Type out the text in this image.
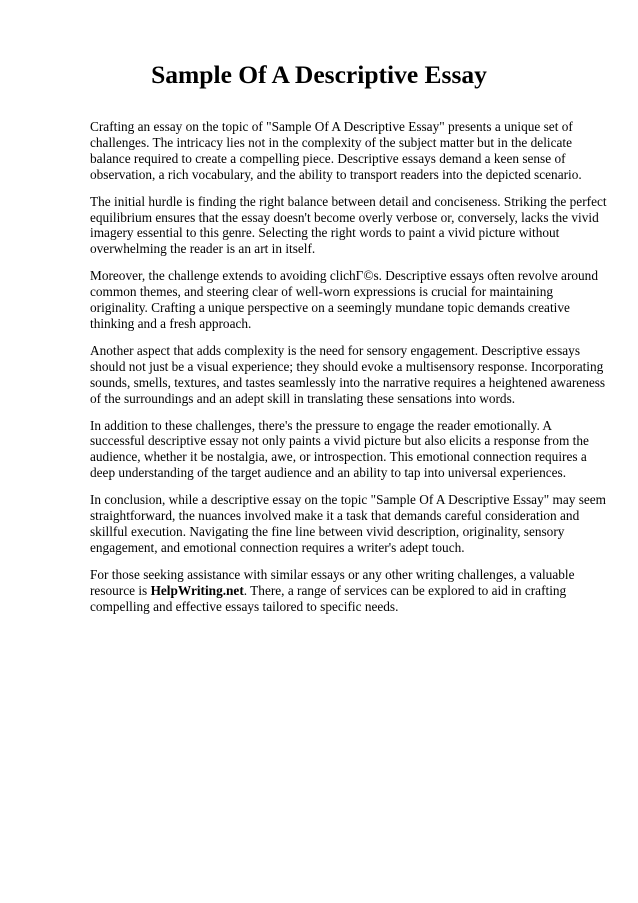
Sample Of A Descriptive Essay

Crafting an essay on the topic of "Sample Of A Descriptive Essay" presents a unique set of
challenges. The intricacy lies not in the complexity of the subject matter but in the delicate
balance required to create a compelling piece. Descriptive essays demand a keen sense of
observation, a rich vocabulary, and the ability to transport readers into the depicted scenario.

The initial hurdle is finding the right balance between detail and conciseness. Striking the perfect
equilibrium ensures that the essay doesn't become overly verbose or, conversely, lacks the vivid
imagery essential to this genre. Selecting the right words to paint a vivid picture without
overwhelming the reader is an art in itself.

Moreover, the challenge extends to avoiding clichГ©s. Descriptive essays often revolve around
common themes, and steering clear of well-worn expressions is crucial for maintaining
originality. Crafting a unique perspective on a seemingly mundane topic demands creative
thinking and a fresh approach.

Another aspect that adds complexity is the need for sensory engagement. Descriptive essays
should not just be a visual experience; they should evoke a multisensory response. Incorporating
sounds, smells, textures, and tastes seamlessly into the narrative requires a heightened awareness
of the surroundings and an adept skill in translating these sensations into words.

In addition to these challenges, there's the pressure to engage the reader emotionally. A
successful descriptive essay not only paints a vivid picture but also elicits a response from the
audience, whether it be nostalgia, awe, or introspection. This emotional connection requires a
deep understanding of the target audience and an ability to tap into universal experiences.

In conclusion, while a descriptive essay on the topic "Sample Of A Descriptive Essay" may seem
straightforward, the nuances involved make it a task that demands careful consideration and
skillful execution. Navigating the fine line between vivid description, originality, sensory
engagement, and emotional connection requires a writer's adept touch.

For those seeking assistance with similar essays or any other writing challenges, a valuable
resource is HelpWriting.net. There, a range of services can be explored to aid in crafting
compelling and effective essays tailored to specific needs.
